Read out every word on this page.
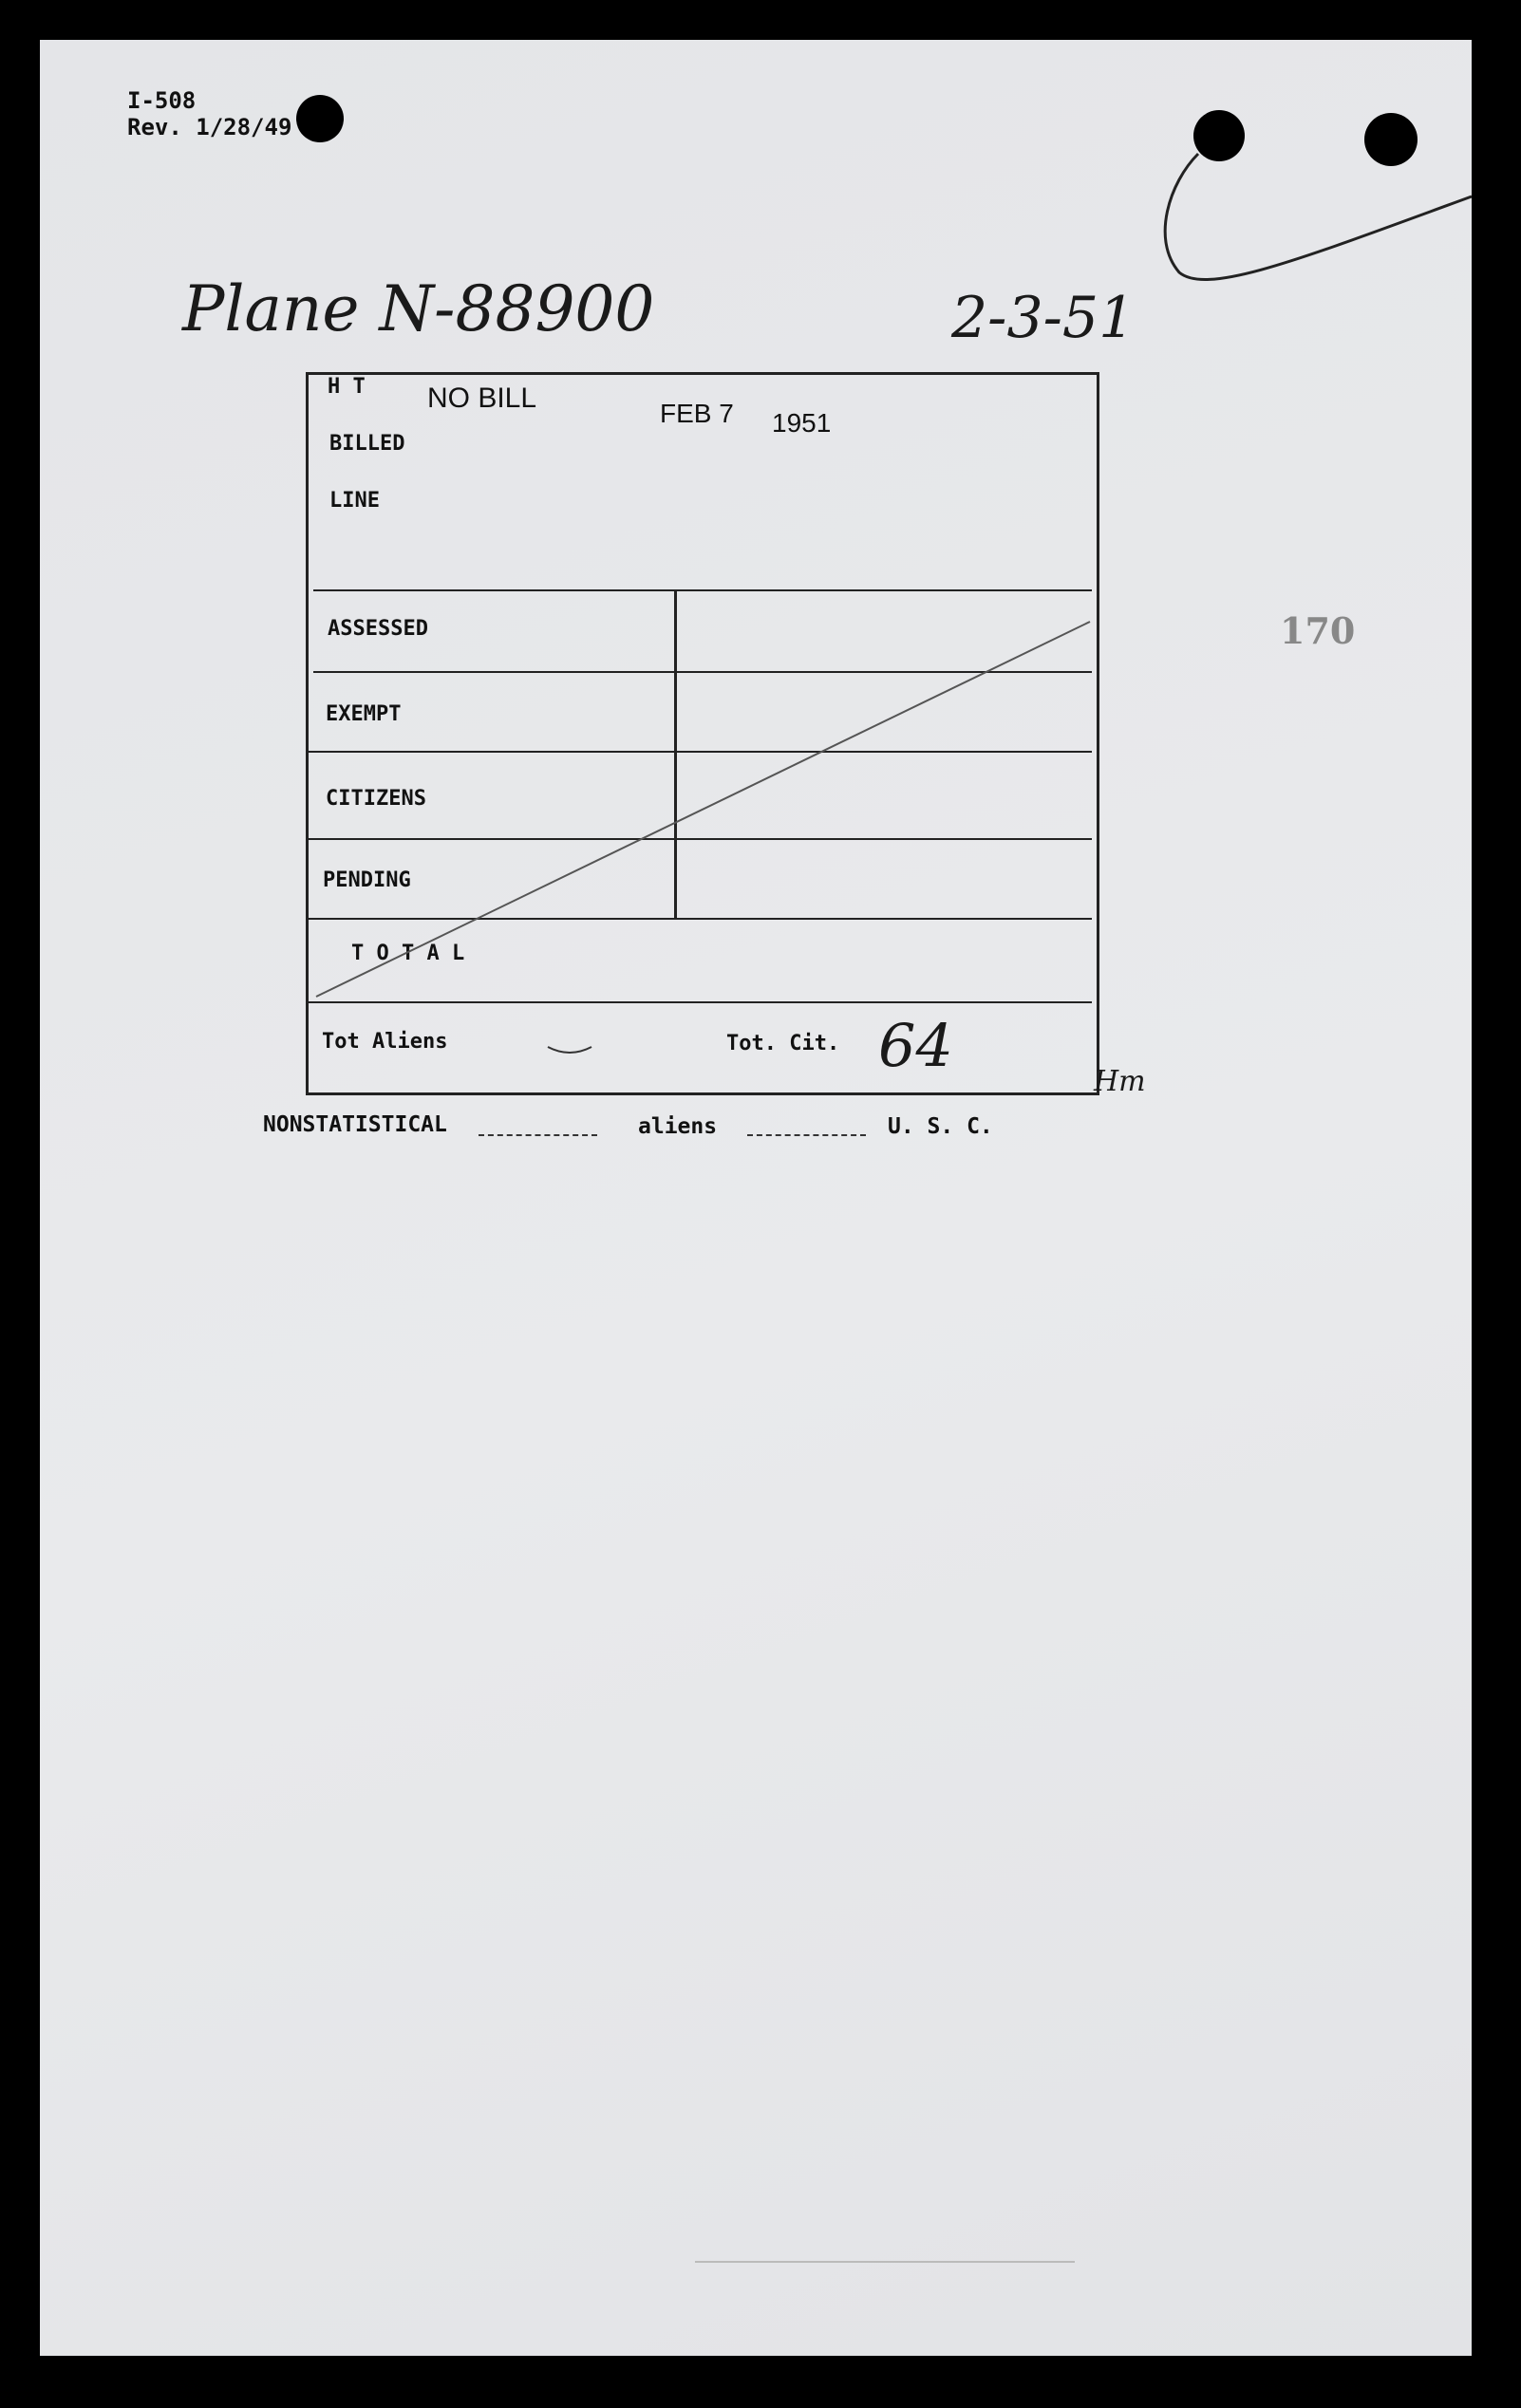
I-508
Rev. 1/28/49
Plane N-88900	2-3-51
170
H T NO BILL	FEB 7 1951
BILLED
LINE
ASSESSED
EXEMPT
CITIZENS
PENDING
T O T A L
Tot Aliens	Tot. Cit. 64
Hm
NONSTATISTICAL	aliens	U. S. C.
